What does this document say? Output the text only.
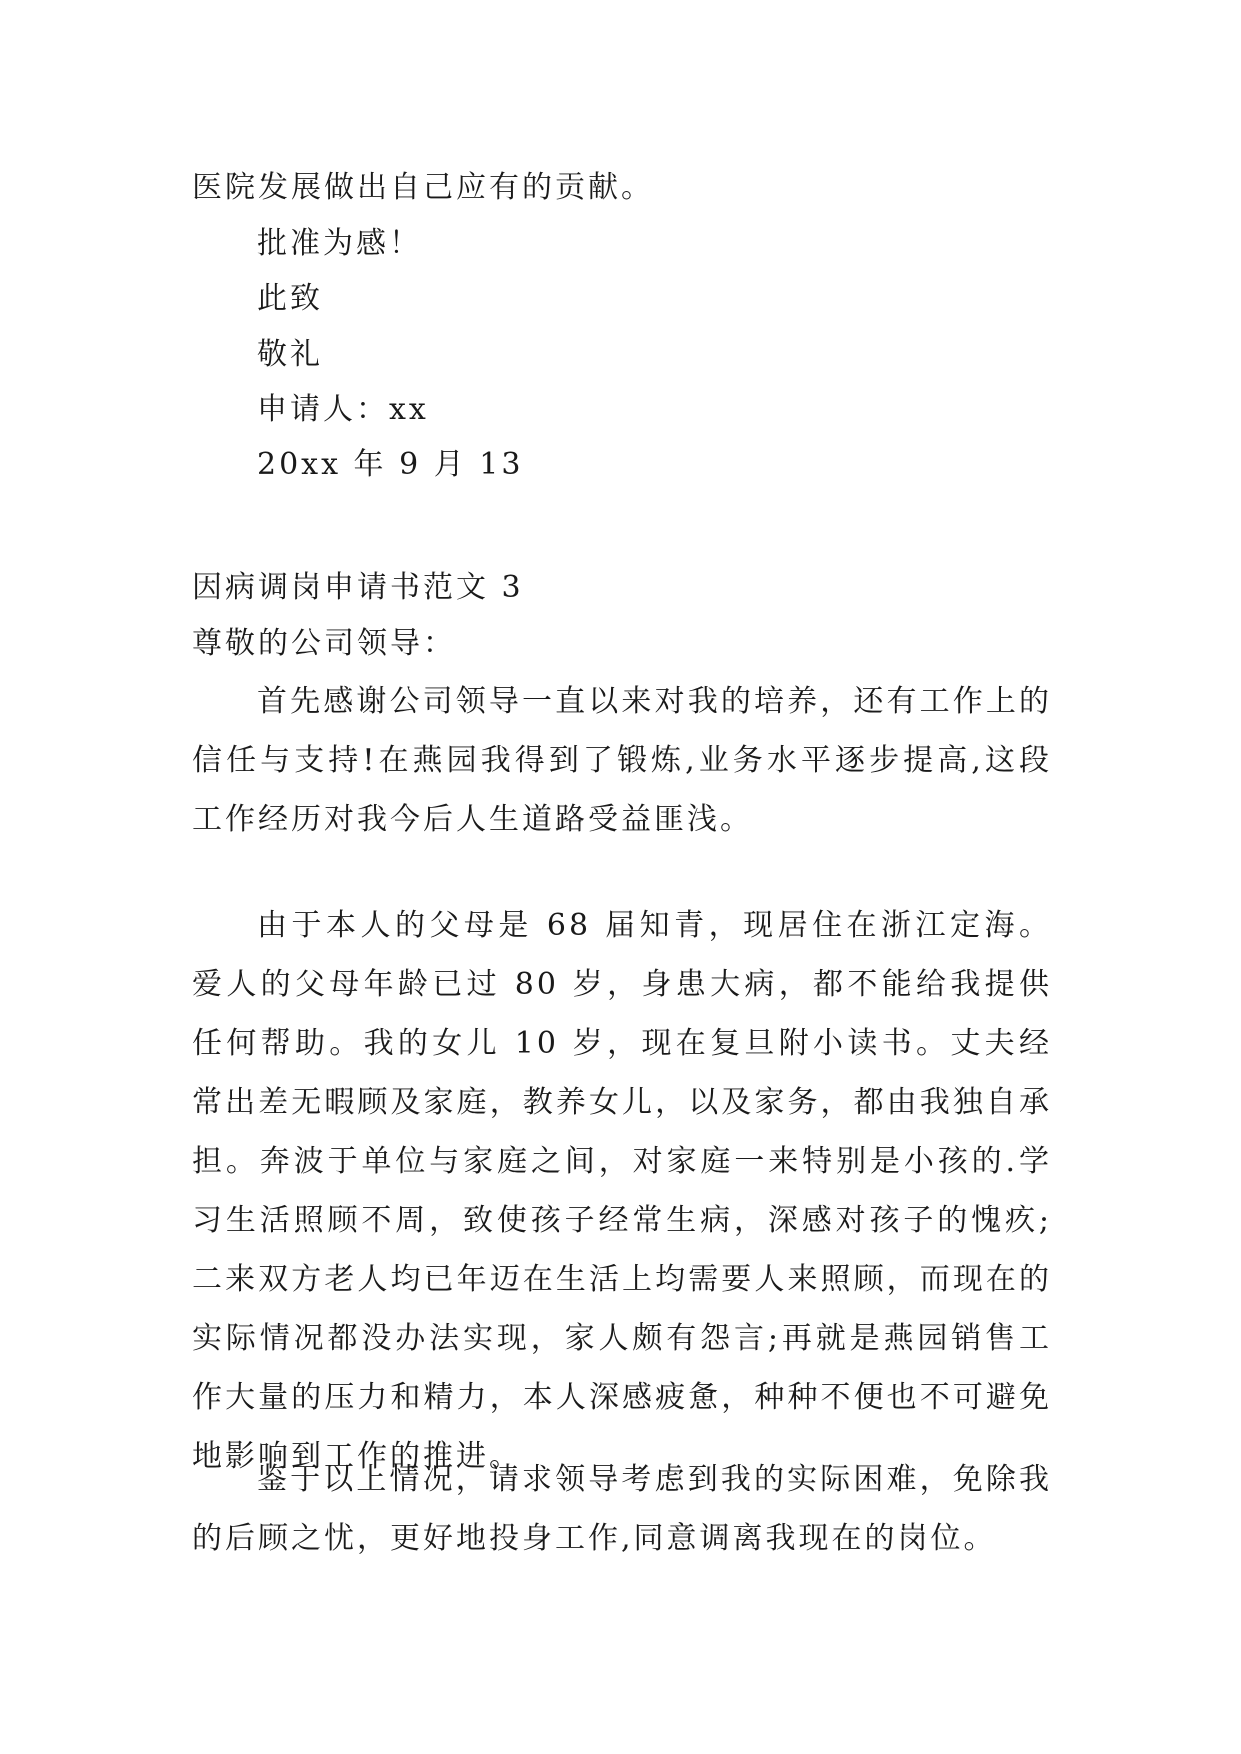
医院发展做出自己应有的贡献。
批准为感！
此致
敬礼
申请人：xx
20xx 年 9 月 13
因病调岗申请书范文 3
尊敬的公司领导：
首先感谢公司领导一直以来对我的培养，还有工作上的信任与支持!在燕园我得到了锻炼,业务水平逐步提高,这段工作经历对我今后人生道路受益匪浅。
由于本人的父母是 68 届知青，现居住在浙江定海。爱人的父母年龄已过 80 岁，身患大病，都不能给我提供任何帮助。我的女儿 10 岁，现在复旦附小读书。丈夫经常出差无暇顾及家庭，教养女儿，以及家务，都由我独自承担。奔波于单位与家庭之间，对家庭一来特别是小孩的.学习生活照顾不周，致使孩子经常生病，深感对孩子的愧疚;二来双方老人均已年迈在生活上均需要人来照顾，而现在的实际情况都没办法实现，家人颇有怨言;再就是燕园销售工作大量的压力和精力，本人深感疲惫，种种不便也不可避免地影响到工作的推进。
鉴于以上情况，请求领导考虑到我的实际困难，免除我的后顾之忧，更好地投身工作,同意调离我现在的岗位。
